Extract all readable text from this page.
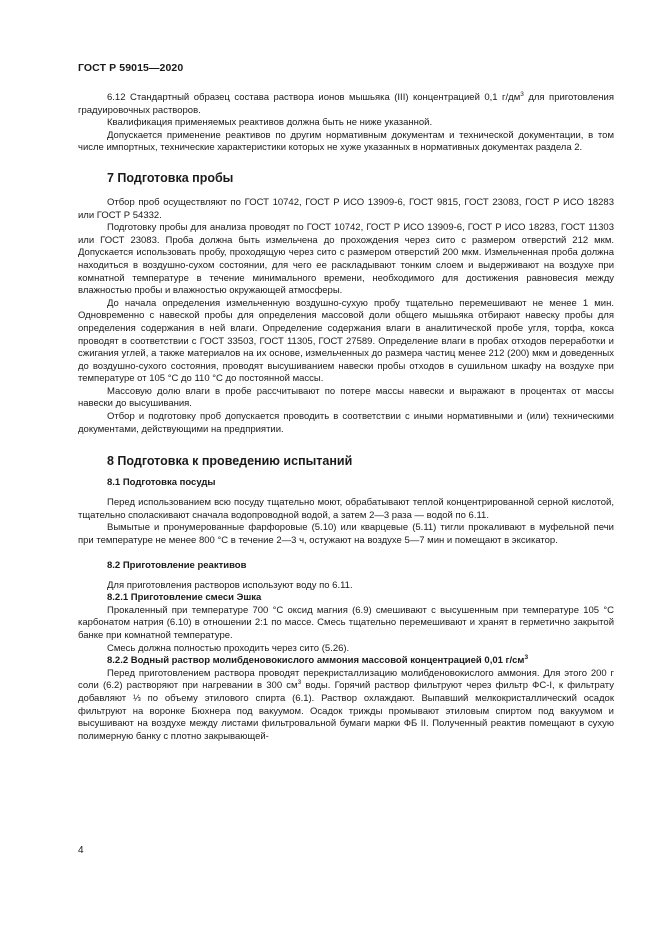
ГОСТ Р 59015—2020

6.12 Стандартный образец состава раствора ионов мышьяка (III) концентрацией 0,1 $г/дм^3$ для приготовления градуировочных растворов.

Квалификация применяемых реактивов должна быть не ниже указанной.

Допускается применение реактивов по другим нормативным документам и технической документации, в том числе импортных, технические характеристики которых не хуже указанных в нормативных документах раздела 2.

7 Подготовка пробы

Отбор проб осуществляют по ГОСТ 10742, ГОСТ Р ИСО 13909-6, ГОСТ 9815, ГОСТ 23083, ГОСТ Р ИСО 18283 или ГОСТ Р 54332.

Подготовку пробы для анализа проводят по ГОСТ 10742, ГОСТ Р ИСО 13909-6, ГОСТ Р ИСО 18283, ГОСТ 11303 или ГОСТ 23083. Проба должна быть измельчена до прохождения через сито с размером отверстий 212 мкм. Допускается использовать пробу, проходящую через сито с размером отверстий 200 мкм. Измельченная проба должна находиться в воздушно-сухом состоянии, для чего ее раскладывают тонким слоем и выдерживают на воздухе при комнатной температуре в течение минимального времени, необходимого для достижения равновесия между влажностью пробы и влажностью окружающей атмосферы.

До начала определения измельченную воздушно-сухую пробу тщательно перемешивают не менее 1 мин. Одновременно с навеской пробы для определения массовой доли общего мышьяка отбирают навеску пробы для определения содержания в ней влаги. Определение содержания влаги в аналитической пробе угля, торфа, кокса проводят в соответствии с ГОСТ 33503, ГОСТ 11305, ГОСТ 27589. Определение влаги в пробах отходов переработки и сжигания углей, а также материалов на их основе, измельченных до размера частиц менее 212 (200) мкм и доведенных до воздушно-сухого состояния, проводят высушиванием навески пробы отходов в сушильном шкафу на воздухе при температуре от 105 °С до 110 °С до постоянной массы.

Массовую долю влаги в пробе рассчитывают по потере массы навески и выражают в процентах от массы навески до высушивания.

Отбор и подготовку проб допускается проводить в соответствии с иными нормативными и (или) техническими документами, действующими на предприятии.

8 Подготовка к проведению испытаний
8.1 Подготовка посуды

Перед использованием всю посуду тщательно моют, обрабатывают теплой концентрированной серной кислотой, тщательно споласкивают сначала водопроводной водой, а затем 2—3 раза — водой по 6.11.

Вымытые и пронумерованные фарфоровые (5.10) или кварцевые (5.11) тигли прокаливают в муфельной печи при температуре не менее 800 °С в течение 2—3 ч, остужают на воздухе 5—7 мин и помещают в эксикатор.

8.2 Приготовление реактивов

Для приготовления растворов используют воду по 6.11.

8.2.1 Приготовление смеси Эшка

Прокаленный при температуре 700 °С оксид магния (6.9) смешивают с высушенным при температуре 105 °С карбонатом натрия (6.10) в отношении 2:1 по массе. Смесь тщательно перемешивают и хранят в герметично закрытой банке при комнатной температуре.

Смесь должна полностью проходить через сито (5.26).

8.2.2 Водный раствор молибденовокислого аммония массовой концентрацией 0,01 $г/см^3$

Перед приготовлением раствора проводят перекристаллизацию молибденовокислого аммония. Для этого 200 г соли (6.2) растворяют при нагревании в 300 $см^3$ воды. Горячий раствор фильтруют через фильтр ФС-I, к фильтрату добавляют ⅓ по объему этилового спирта (6.1). Раствор охлаждают. Выпавший мелкокристаллический осадок фильтруют на воронке Бюхнера под вакуумом. Осадок трижды промывают этиловым спиртом под вакуумом и высушивают на воздухе между листами фильтровальной бумаги марки ФБ II. Полученный реактив помещают в сухую полимерную банку с плотно закрывающей-

4
